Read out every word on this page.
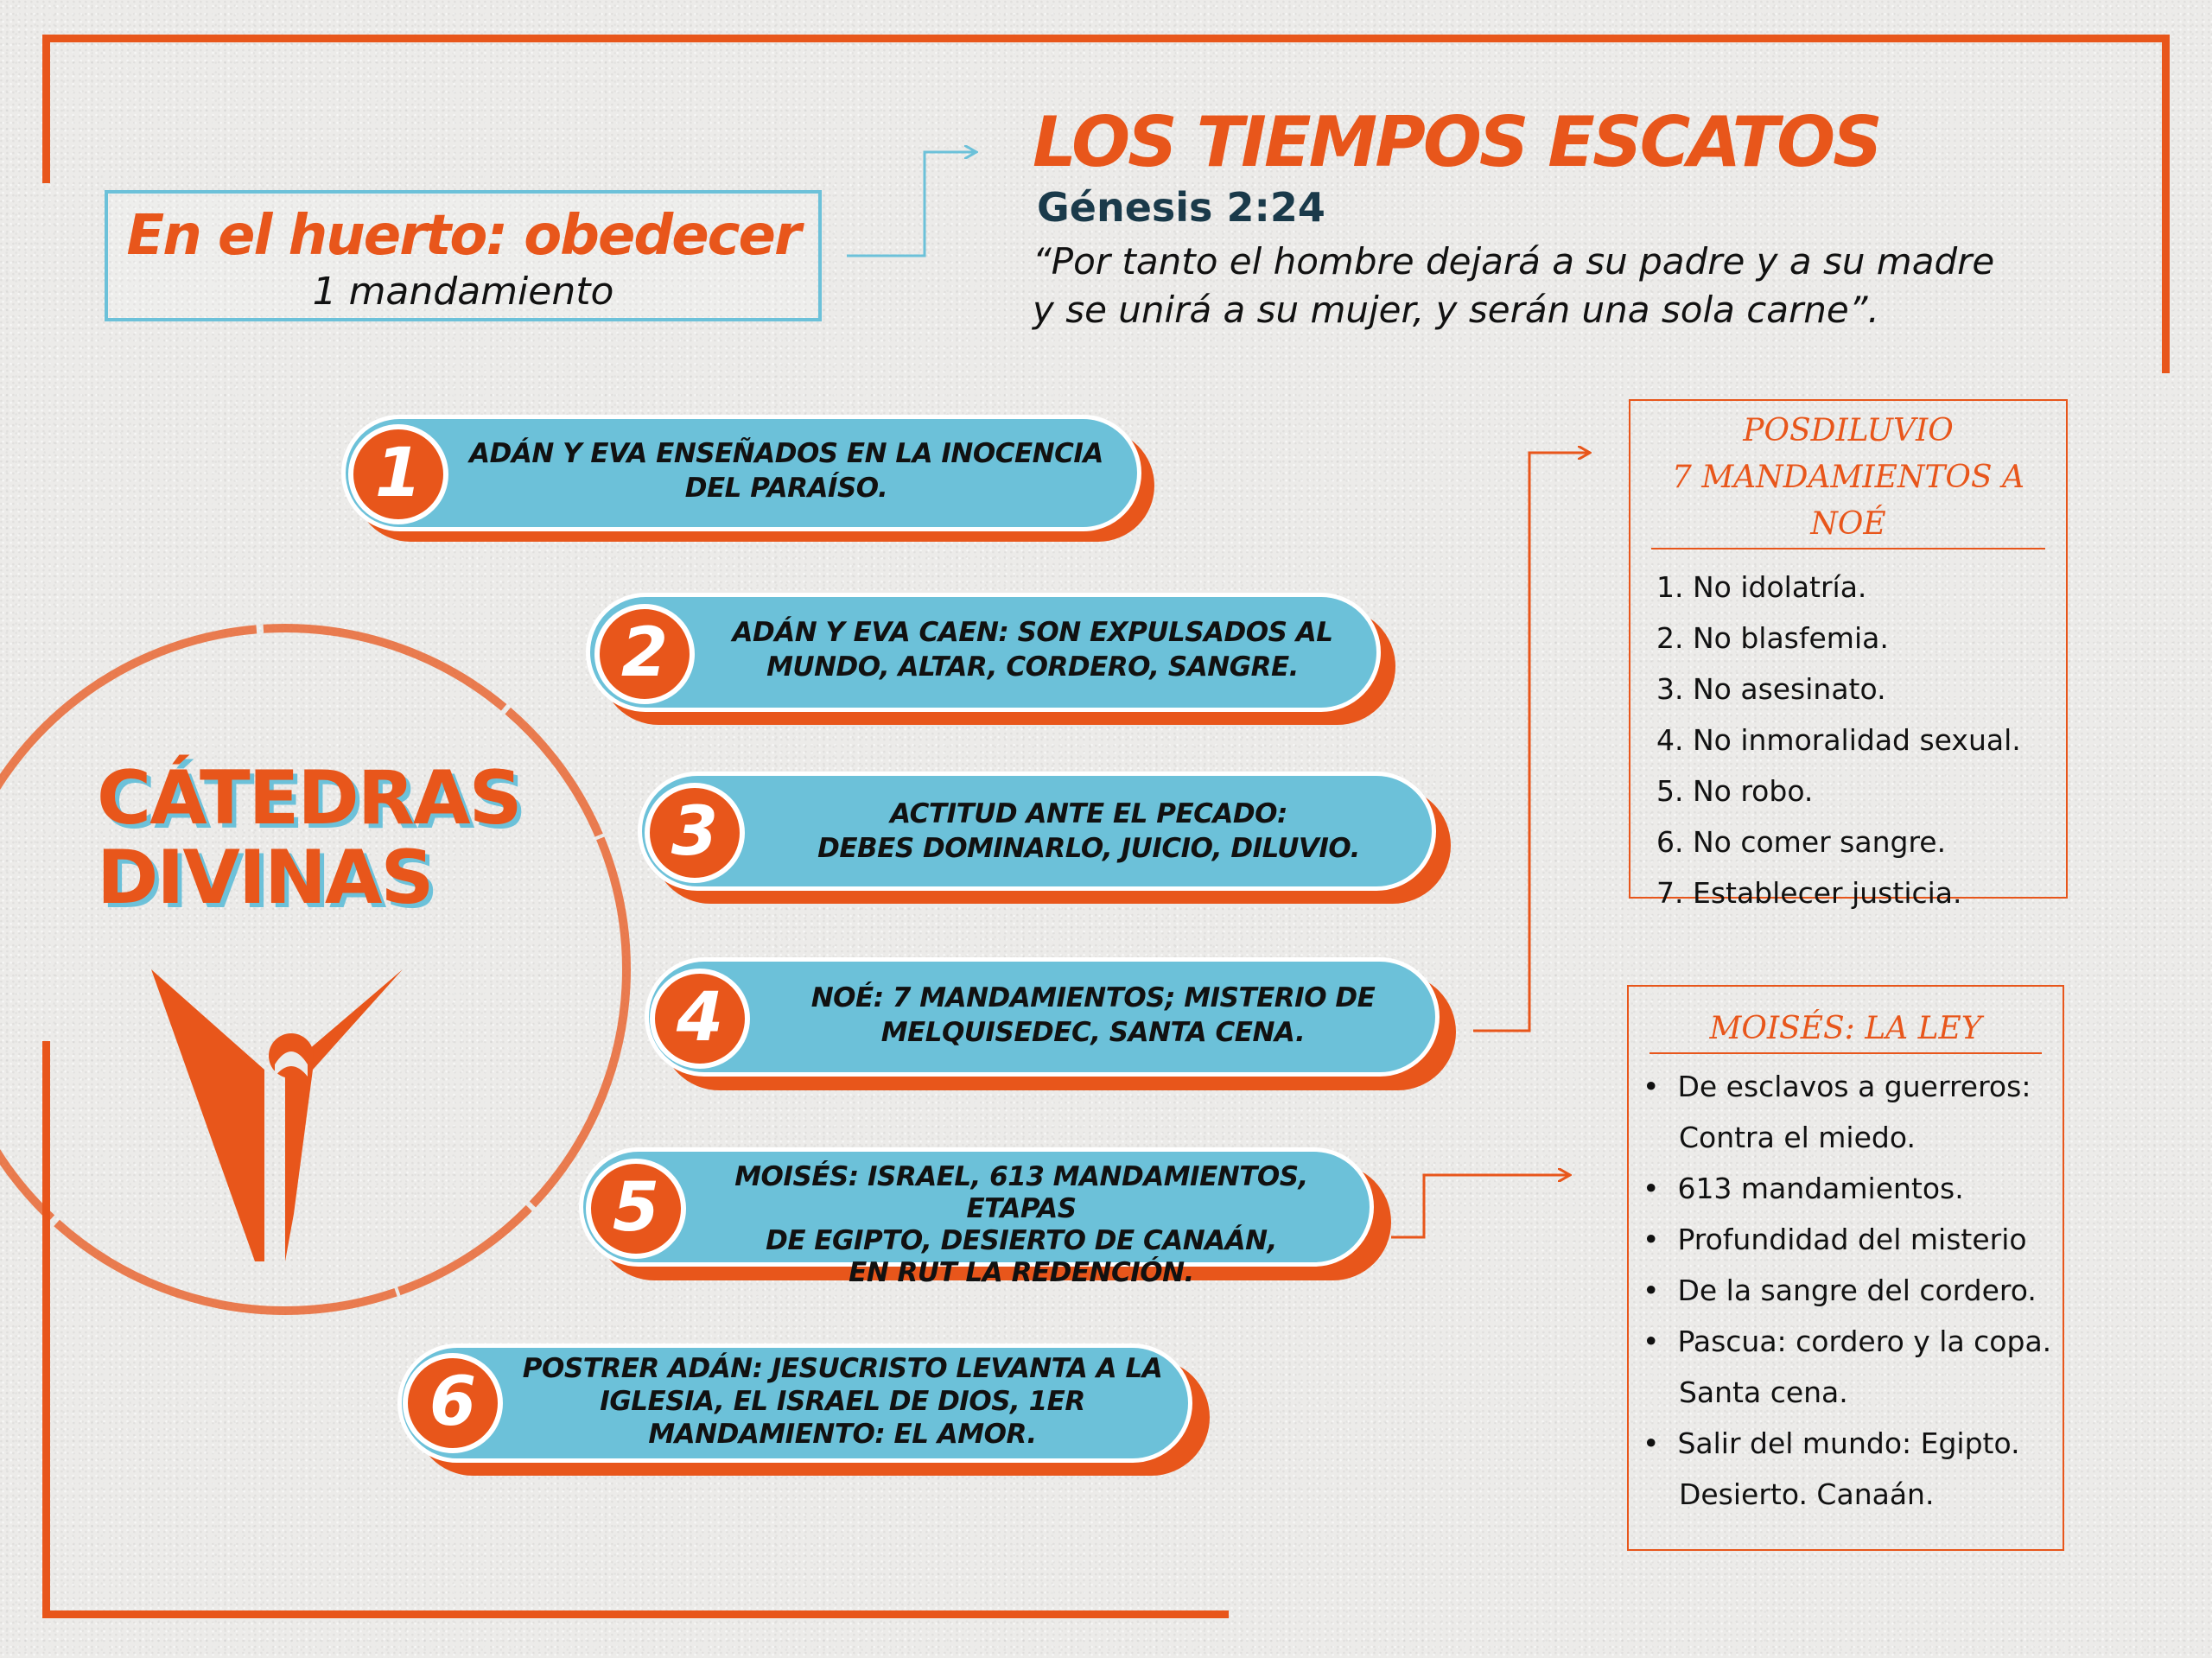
En el huerto: obedecer
1 mandamiento
LOS TIEMPOS ESCATOS
Génesis 2:24
“Por tanto el hombre dejará a su padre y a su madre
y se unirá a su mujer, y serán una sola carne”.
CÁTEDRAS
DIVINAS
1	ADÁN Y EVA ENSEÑADOS EN LA INOCENCIA
DEL PARAÍSO.
2	ADÁN Y EVA CAEN: SON EXPULSADOS AL
MUNDO, ALTAR, CORDERO, SANGRE.
3	ACTITUD ANTE EL PECADO:
DEBES DOMINARLO, JUICIO, DILUVIO.
4	NOÉ: 7 MANDAMIENTOS; MISTERIO DE
MELQUISEDEC, SANTA CENA.
5	MOISÉS: ISRAEL, 613 MANDAMIENTOS, ETAPAS
DE EGIPTO, DESIERTO DE CANAÁN,
EN RUT LA REDENCIÓN.
6	POSTRER ADÁN: JESUCRISTO LEVANTA A LA
IGLESIA, EL ISRAEL DE DIOS, 1ER
MANDAMIENTO: EL AMOR.
POSDILUVIO
7 MANDAMIENTOS A NOÉ
1. No idolatría.
2. No blasfemia.
3. No asesinato.
4. No inmoralidad sexual.
5. No robo.
6. No comer sangre.
7. Establecer justicia.
MOISÉS: LA LEY
•  De esclavos a guerreros:
Contra el miedo.
•  613 mandamientos.
•  Profundidad del misterio
•  De la sangre del cordero.
•  Pascua: cordero y la copa.
Santa cena.
•  Salir del mundo: Egipto.
Desierto. Canaán.
